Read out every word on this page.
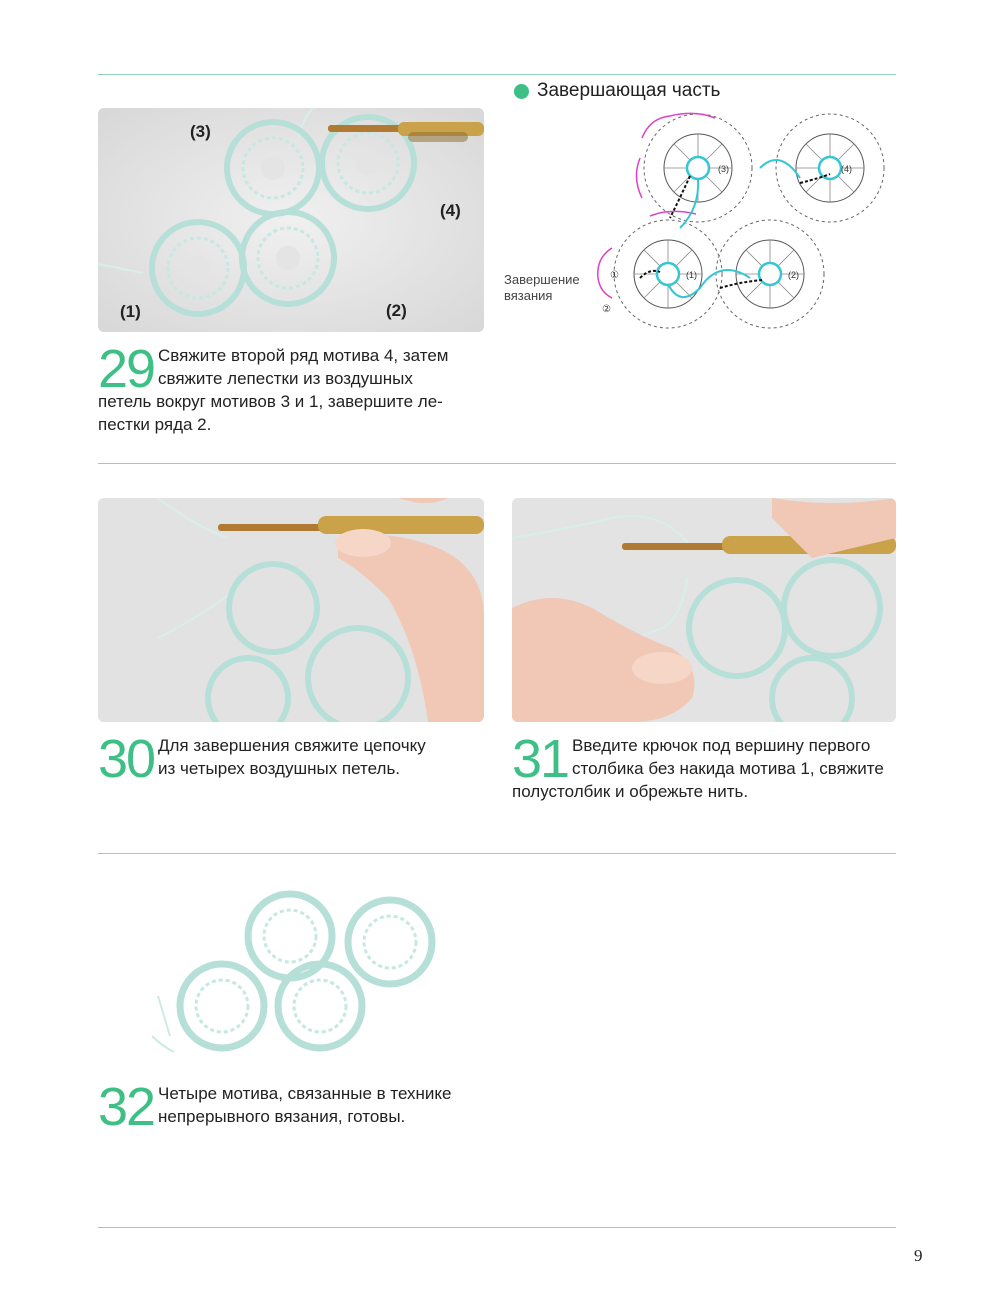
(3)
(4)
(1)	(2)
Завершающая часть
(3)	(4)
(1)	(2)
①
②
Завершение
вязания
29 Свяжите второй ряд мотива 4, затем
свяжите лепестки из воздушных
петель вокруг мотивов 3 и 1, завершите ле-
пестки ряда 2.
30 Для завершения свяжите цепочку
из четырех воздушных петель.	31 Введите крючок под вершину первого
столбика без накида мотива 1, свяжите
полустолбик и обрежьте нить.
32 Четыре мотива, связанные в технике
непрерывного вязания, готовы.
9
